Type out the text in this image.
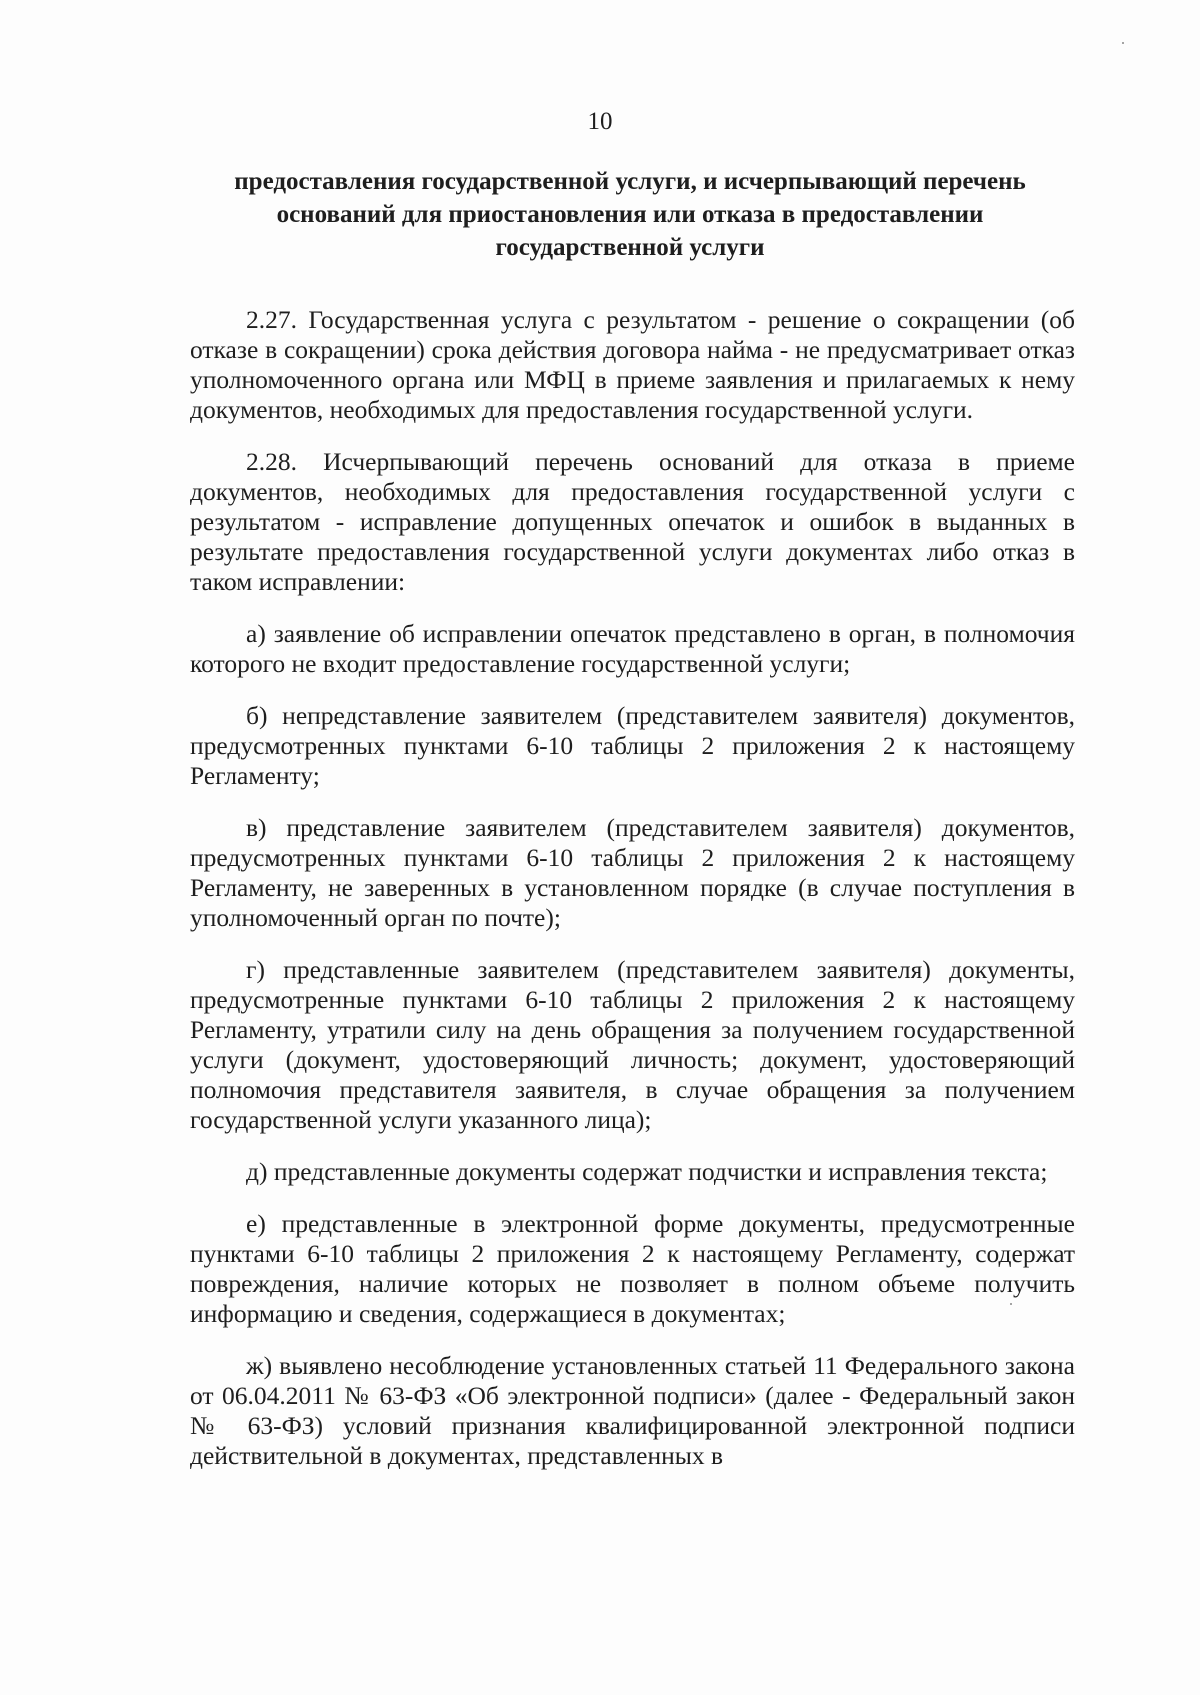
10
предоставления государственной услуги, и исчерпывающий перечень
оснований для приостановления или отказа в предоставлении
государственной услуги

2.27. Государственная услуга с результатом - решение о сокращении (об отказе в сокращении) срока действия договора найма - не предусматривает отказ уполномоченного органа или МФЦ в приеме заявления и прилагаемых к нему документов, необходимых для предоставления государственной услуги.

2.28. Исчерпывающий перечень оснований для отказа в приеме документов, необходимых для предоставления государственной услуги с результатом - исправление допущенных опечаток и ошибок в выданных в результате предоставления государственной услуги документах либо отказ в таком исправлении:

а) заявление об исправлении опечаток представлено в орган, в полномочия которого не входит предоставление государственной услуги;

б) непредставление заявителем (представителем заявителя) документов, предусмотренных пунктами 6-10 таблицы 2 приложения 2 к настоящему Регламенту;

в) представление заявителем (представителем заявителя) документов, предусмотренных пунктами 6-10 таблицы 2 приложения 2 к настоящему Регламенту, не заверенных в установленном порядке (в случае поступления в уполномоченный орган по почте);

г) представленные заявителем (представителем заявителя) документы, предусмотренные пунктами 6-10 таблицы 2 приложения 2 к настоящему Регламенту, утратили силу на день обращения за получением государственной услуги (документ, удостоверяющий личность; документ, удостоверяющий полномочия представителя заявителя, в случае обращения за получением государственной услуги указанного лица);

д) представленные документы содержат подчистки и исправления текста;

е) представленные в электронной форме документы, предусмотренные пунктами 6-10 таблицы 2 приложения 2 к настоящему Регламенту, содержат повреждения, наличие которых не позволяет в полном объеме получить информацию и сведения, содержащиеся в документах;

ж) выявлено несоблюдение установленных статьей 11 Федерального закона от 06.04.2011 № 63-ФЗ «Об электронной подписи» (далее - Федеральный закон № 63-ФЗ) условий признания квалифицированной электронной подписи действительной в документах, представленных в
